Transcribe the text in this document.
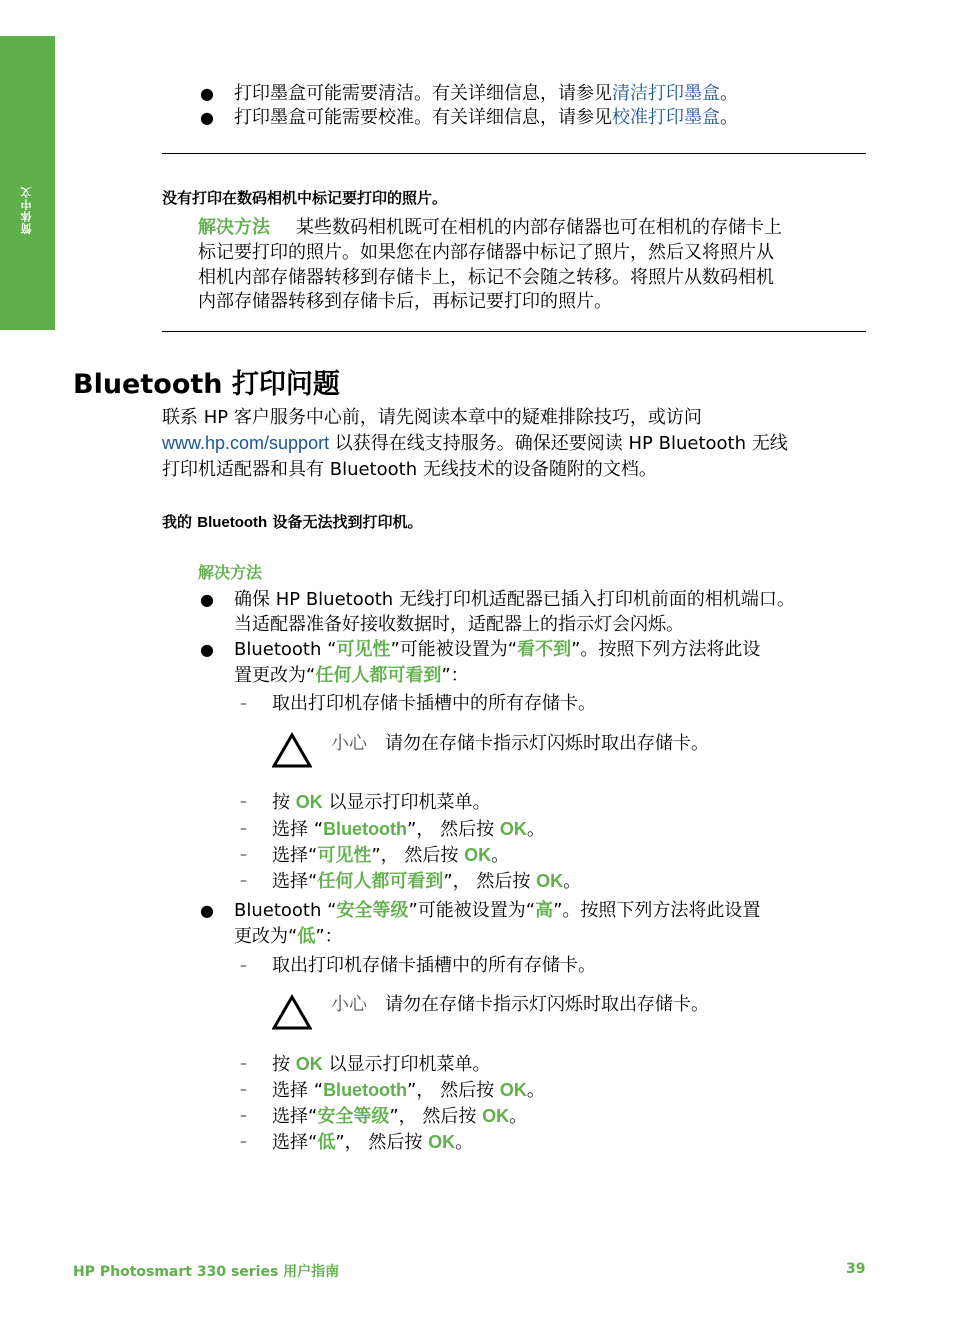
简体中文
● 打印墨盒可能需要清洁。有关详细信息，请参见清洁打印墨盒。
● 打印墨盒可能需要校准。有关详细信息，请参见校准打印墨盒。
没有打印在数码相机中标记要打印的照片。
解决方法 某些数码相机既可在相机的内部存储器也可在相机的存储卡上
标记要打印的照片。如果您在内部存储器中标记了照片，然后又将照片从
相机内部存储器转移到存储卡上，标记不会随之转移。将照片从数码相机
内部存储器转移到存储卡后，再标记要打印的照片。
Bluetooth 打印问题
联系 HP 客户服务中心前，请先阅读本章中的疑难排除技巧，或访问
www.hp.com/support 以获得在线支持服务。确保还要阅读 HP Bluetooth 无线
打印机适配器和具有 Bluetooth 无线技术的设备随附的文档。
我的 Bluetooth 设备无法找到打印机。
解决方法
● 确保 HP Bluetooth 无线打印机适配器已插入打印机前面的相机端口。
当适配器准备好接收数据时，适配器上的指示灯会闪烁。
● Bluetooth “可见性”可能被设置为“看不到”。按照下列方法将此设
置更改为“任何人都可看到”：
– 取出打印机存储卡插槽中的所有存储卡。
小心 请勿在存储卡指示灯闪烁时取出存储卡。
– 按 OK 以显示打印机菜单。
– 选择 “Bluetooth”， 然后按 OK。
– 选择“可见性”， 然后按 OK。
– 选择“任何人都可看到”， 然后按 OK。
● Bluetooth “安全等级”可能被设置为“高”。按照下列方法将此设置
更改为“低”：
– 取出打印机存储卡插槽中的所有存储卡。
小心 请勿在存储卡指示灯闪烁时取出存储卡。
– 按 OK 以显示打印机菜单。
– 选择 “Bluetooth”， 然后按 OK。
– 选择“安全等级”， 然后按 OK。
– 选择“低”， 然后按 OK。
HP Photosmart 330 series 用户指南	39
